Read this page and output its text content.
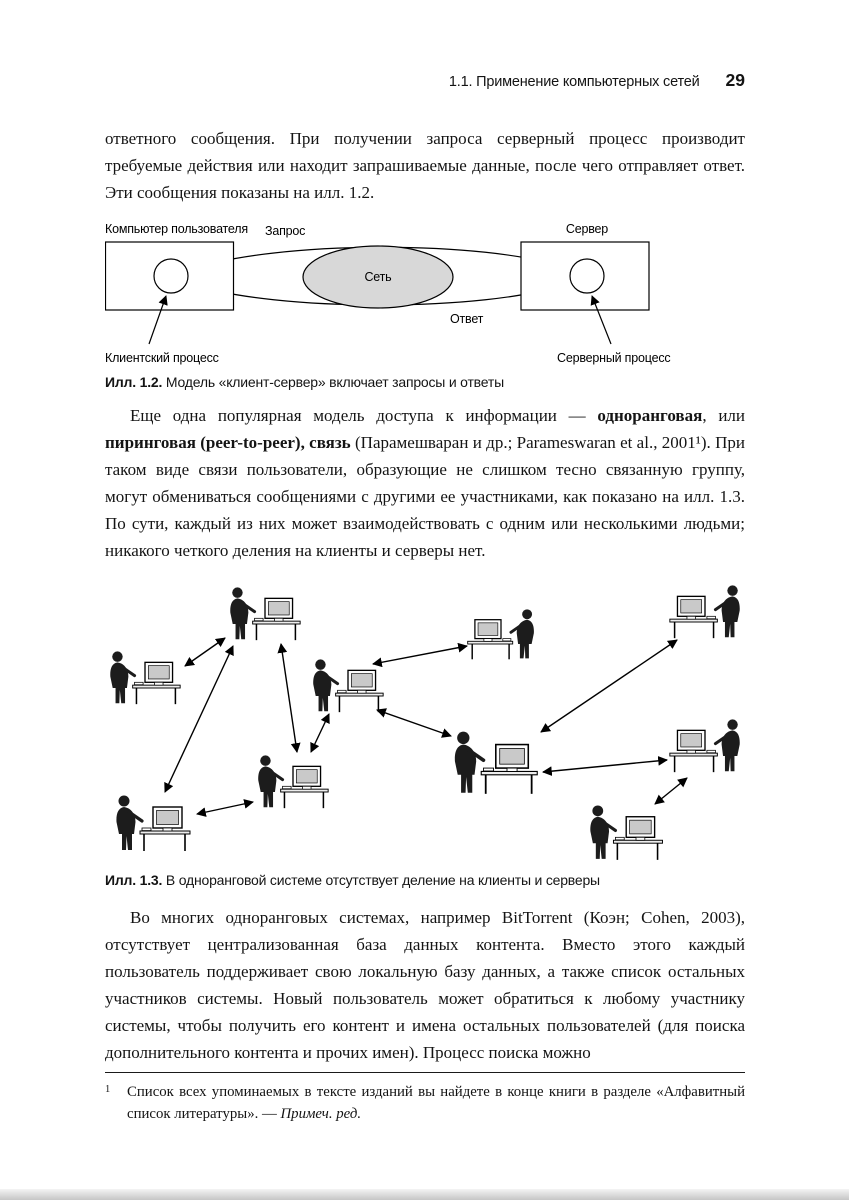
1.1. Применение компьютерных сетей 29

ответного сообщения. При получении запроса серверный процесс производит требуемые действия или находит запрашиваемые данные, после чего отправляет ответ. Эти сообщения показаны на илл. 1.2.

Сеть
Компьютер пользователя	Сервер
Запрос
Ответ
Клиентский процесс	Серверный процесс

Илл. 1.2. Модель «клиент-сервер» включает запросы и ответы

Еще одна популярная модель доступа к информации — одноранговая, или пиринговая (peer-to-peer), связь (Парамешваран и др.; Parameswaran et al., 2001¹). При таком виде связи пользователи, образующие не слишком тесно связанную группу, могут обмениваться сообщениями с другими ее участниками, как показано на илл. 1.3. По сути, каждый из них может взаимодействовать с одним или несколькими людьми; никакого четкого деления на клиенты и серверы нет.

Илл. 1.3. В одноранговой системе отсутствует деление на клиенты и серверы

Во многих одноранговых системах, например BitTorrent (Коэн; Cohen, 2003), отсутствует централизованная база данных контента. Вместо этого каждый пользователь поддерживает свою локальную базу данных, а также список остальных участников системы. Новый пользователь может обратиться к любому участнику системы, чтобы получить его контент и имена остальных пользователей (для поиска дополнительного контента и прочих имен). Процесс поиска можно

1	Список всех упоминаемых в тексте изданий вы найдете в конце книги в разделе «Алфавитный список литературы». — Примеч. ред.
